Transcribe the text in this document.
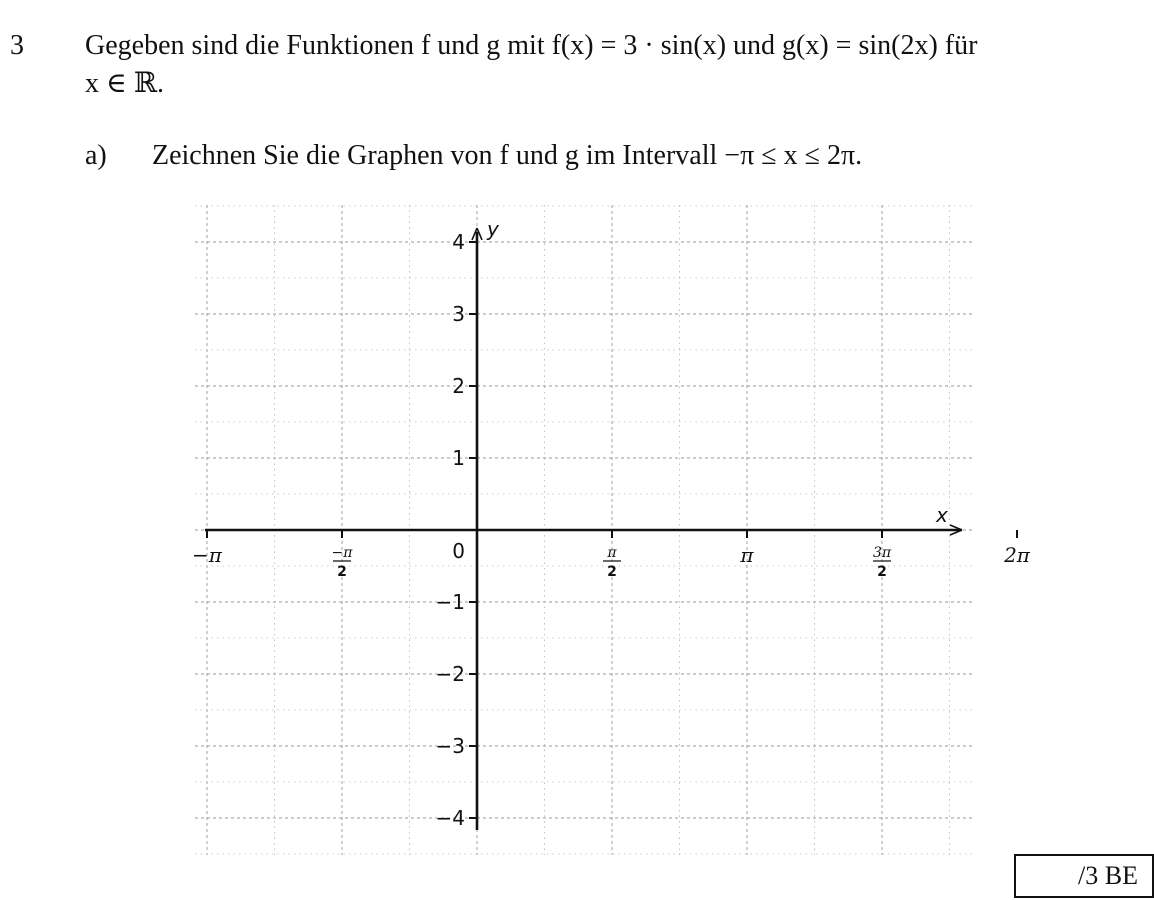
3 Gegeben sind die Funktionen f und g mit f(x) = 3 · sin(x) und g(x) = sin(2x) für
x ∈ ℝ.
a) Zeichnen Sie die Graphen von f und g im Intervall −π ≤ x ≤ 2π.
x
y
4
3
2
1
−1
−2
−3
−4
0
−π	−π
2
π
2
π	3π
2
2π
/3 BE
